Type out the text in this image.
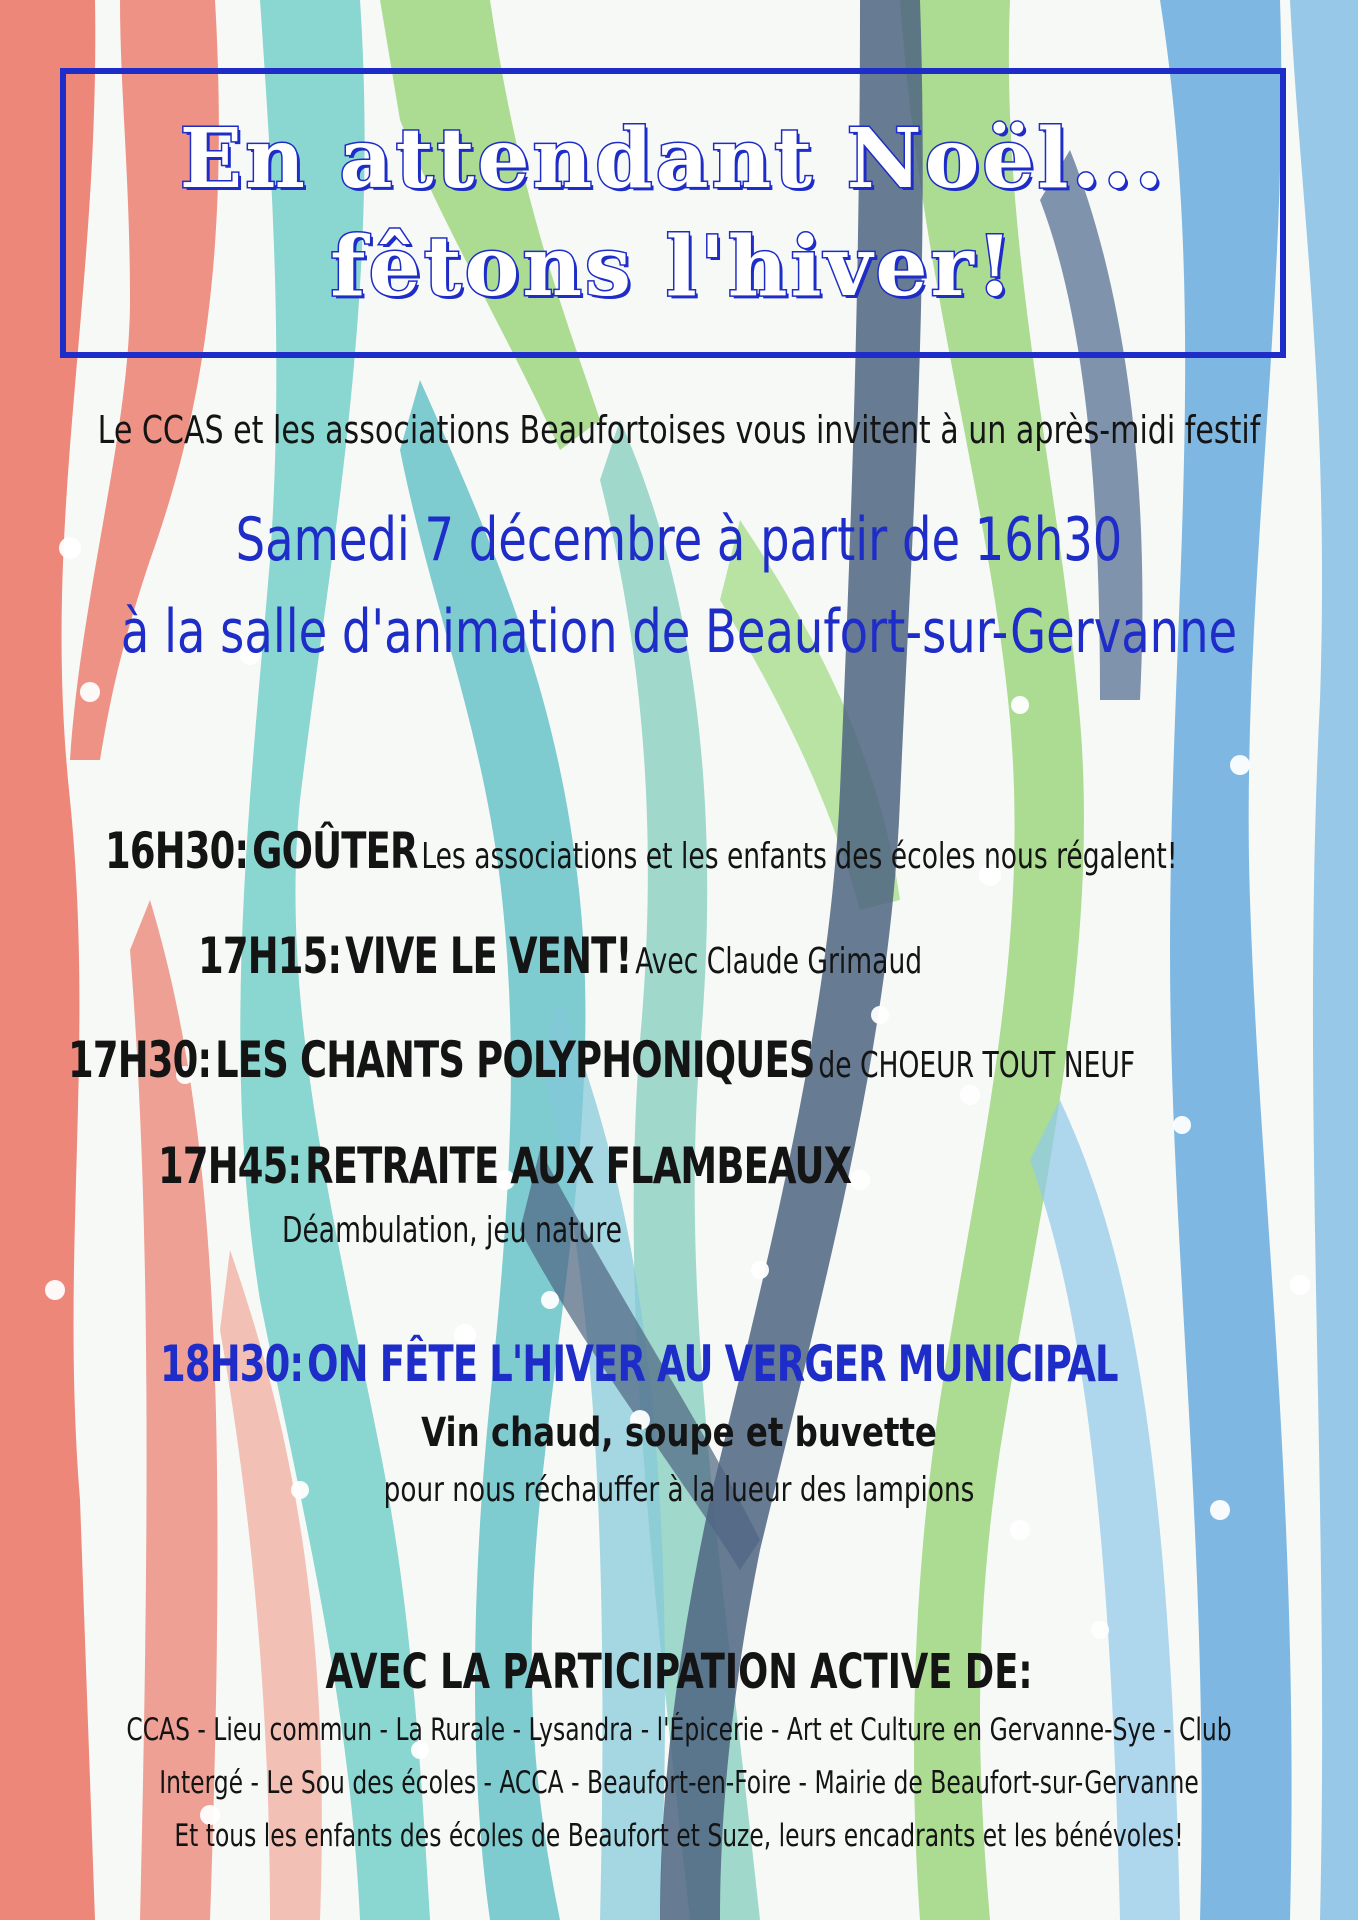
En attendant Noël...
fêtons l'hiver!
Le CCAS et les associations Beaufortoises vous invitent à un après-midi festif
Samedi 7 décembre à partir de 16h30
à la salle d'animation de Beaufort-sur-Gervanne
16H30: GOÛTER Les associations et les enfants des écoles nous régalent!
17H15: VIVE LE VENT! Avec Claude Grimaud
17H30: LES CHANTS POLYPHONIQUES de CHOEUR TOUT NEUF
17H45: RETRAITE AUX FLAMBEAUX
Déambulation, jeu nature
18H30: ON FÊTE L'HIVER AU VERGER MUNICIPAL
Vin chaud, soupe et buvette
pour nous réchauffer à la lueur des lampions
AVEC LA PARTICIPATION ACTIVE DE:
CCAS - Lieu commun - La Rurale - Lysandra - l'Épicerie - Art et Culture en Gervanne-Sye - Club
Intergé - Le Sou des écoles - ACCA - Beaufort-en-Foire - Mairie de Beaufort-sur-Gervanne
Et tous les enfants des écoles de Beaufort et Suze, leurs encadrants et les bénévoles!
